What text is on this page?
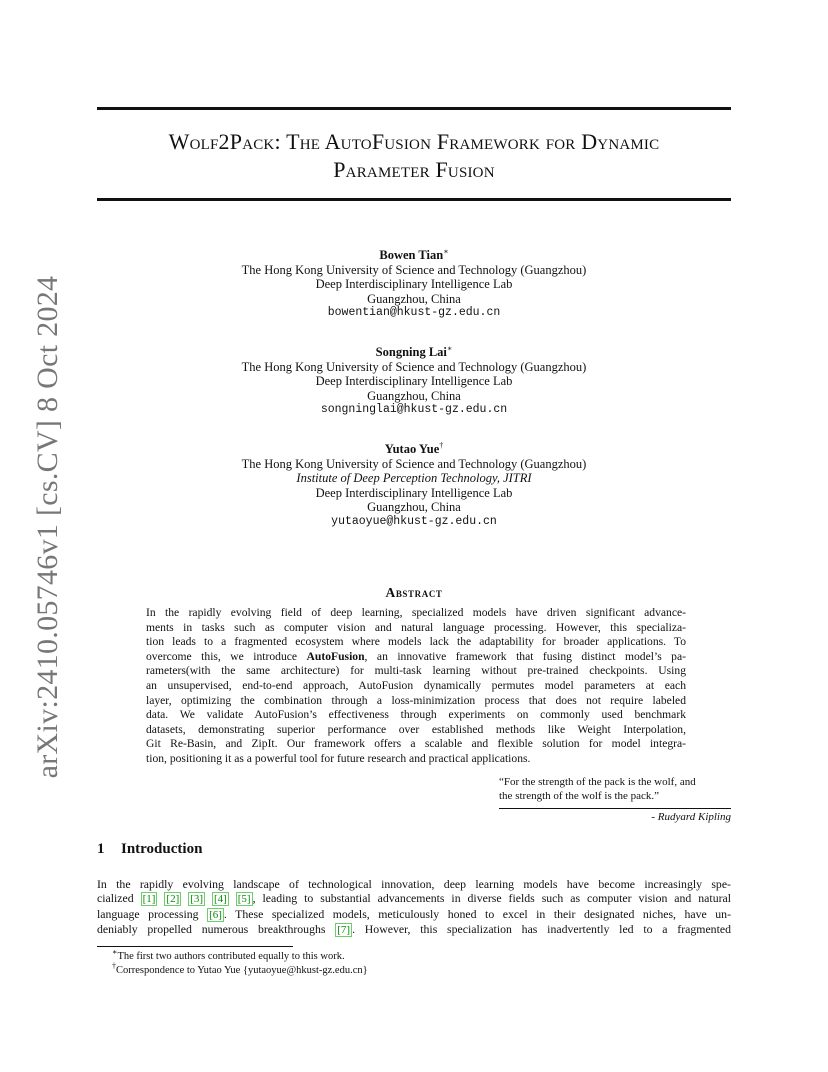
arXiv:2410.05746v1 [cs.CV] 8 Oct 2024
Wolf2Pack: The AutoFusion Framework for Dynamic
Parameter Fusion
Bowen Tian∗
The Hong Kong University of Science and Technology (Guangzhou)
Deep Interdisciplinary Intelligence Lab
Guangzhou, China
bowentian@hkust-gz.edu.cn
Songning Lai∗
The Hong Kong University of Science and Technology (Guangzhou)
Deep Interdisciplinary Intelligence Lab
Guangzhou, China
songninglai@hkust-gz.edu.cn
Yutao Yue†
The Hong Kong University of Science and Technology (Guangzhou)
Institute of Deep Perception Technology, JITRI
Deep Interdisciplinary Intelligence Lab
Guangzhou, China
yutaoyue@hkust-gz.edu.cn
Abstract
In the rapidly evolving field of deep learning, specialized models have driven significant advance-
ments in tasks such as computer vision and natural language processing. However, this specializa-
tion leads to a fragmented ecosystem where models lack the adaptability for broader applications. To
overcome this, we introduce AutoFusion, an innovative framework that fusing distinct model’s pa-
rameters(with the same architecture) for multi-task learning without pre-trained checkpoints. Using
an unsupervised, end-to-end approach, AutoFusion dynamically permutes model parameters at each
layer, optimizing the combination through a loss-minimization process that does not require labeled
data. We validate AutoFusion’s effectiveness through experiments on commonly used benchmark
datasets, demonstrating superior performance over established methods like Weight Interpolation,
Git Re-Basin, and ZipIt. Our framework offers a scalable and flexible solution for model integra-
tion, positioning it as a powerful tool for future research and practical applications.
“For the strength of the pack is the wolf, and
the strength of the wolf is the pack.”
- Rudyard Kipling
1 Introduction
In the rapidly evolving landscape of technological innovation, deep learning models have become increasingly spe-
cialized [1] [2] [3] [4] [5] , leading to substantial advancements in diverse fields such as computer vision and natural
language processing [6] . These specialized models, meticulously honed to excel in their designated niches, have un-
deniably propelled numerous breakthroughs [7] . However, this specialization has inadvertently led to a fragmented
∗The first two authors contributed equally to this work.
†Correspondence to Yutao Yue {yutaoyue@hkust-gz.edu.cn}
